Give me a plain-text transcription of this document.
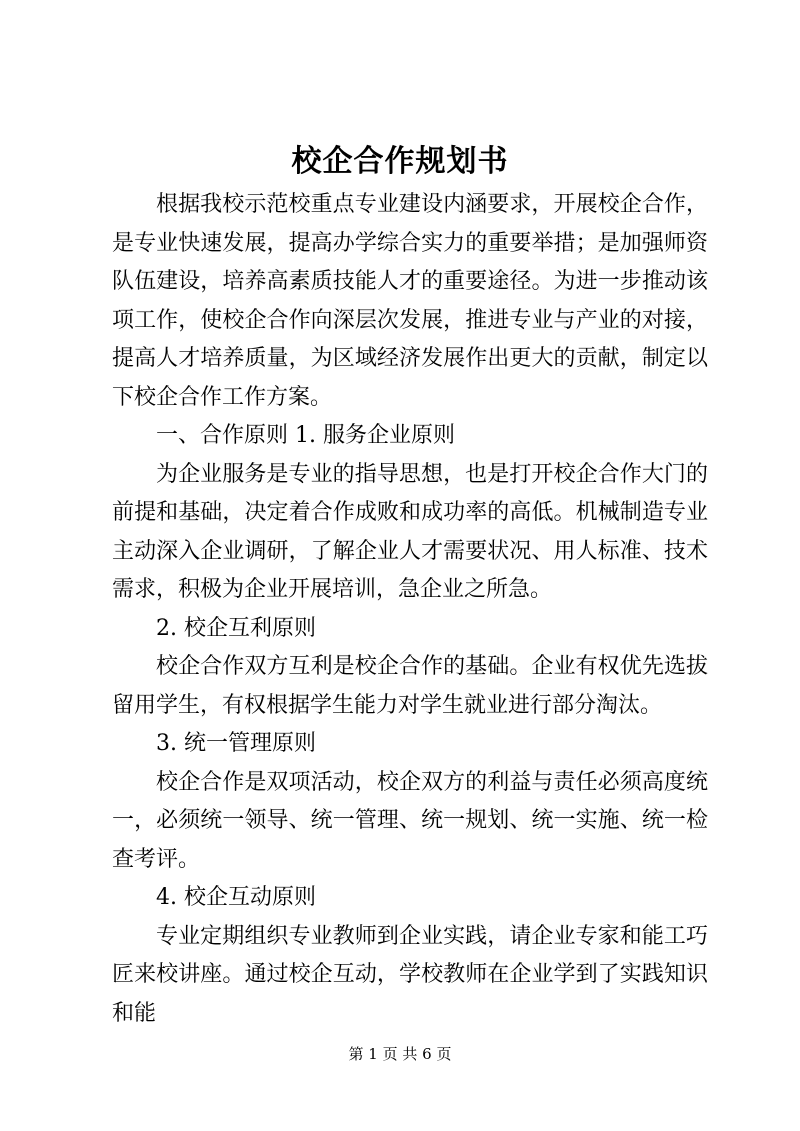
校企合作规划书

根据我校示范校重点专业建设内涵要求，开展校企合作，是专业快速发展，提高办学综合实力的重要举措；是加强师资队伍建设，培养高素质技能人才的重要途径。为进一步推动该项工作，使校企合作向深层次发展，推进专业与产业的对接，提高人才培养质量，为区域经济发展作出更大的贡献，制定以下校企合作工作方案。

一、合作原则 1. 服务企业原则

为企业服务是专业的指导思想，也是打开校企合作大门的前提和基础，决定着合作成败和成功率的高低。机械制造专业主动深入企业调研，了解企业人才需要状况、用人标准、技术需求，积极为企业开展培训，急企业之所急。

2. 校企互利原则

校企合作双方互利是校企合作的基础。企业有权优先选拔留用学生，有权根据学生能力对学生就业进行部分淘汰。

3. 统一管理原则

校企合作是双项活动，校企双方的利益与责任必须高度统一，必须统一领导、统一管理、统一规划、统一实施、统一检查考评。

4. 校企互动原则

专业定期组织专业教师到企业实践，请企业专家和能工巧匠来校讲座。通过校企互动，学校教师在企业学到了实践知识和能

第 1 页 共 6 页
